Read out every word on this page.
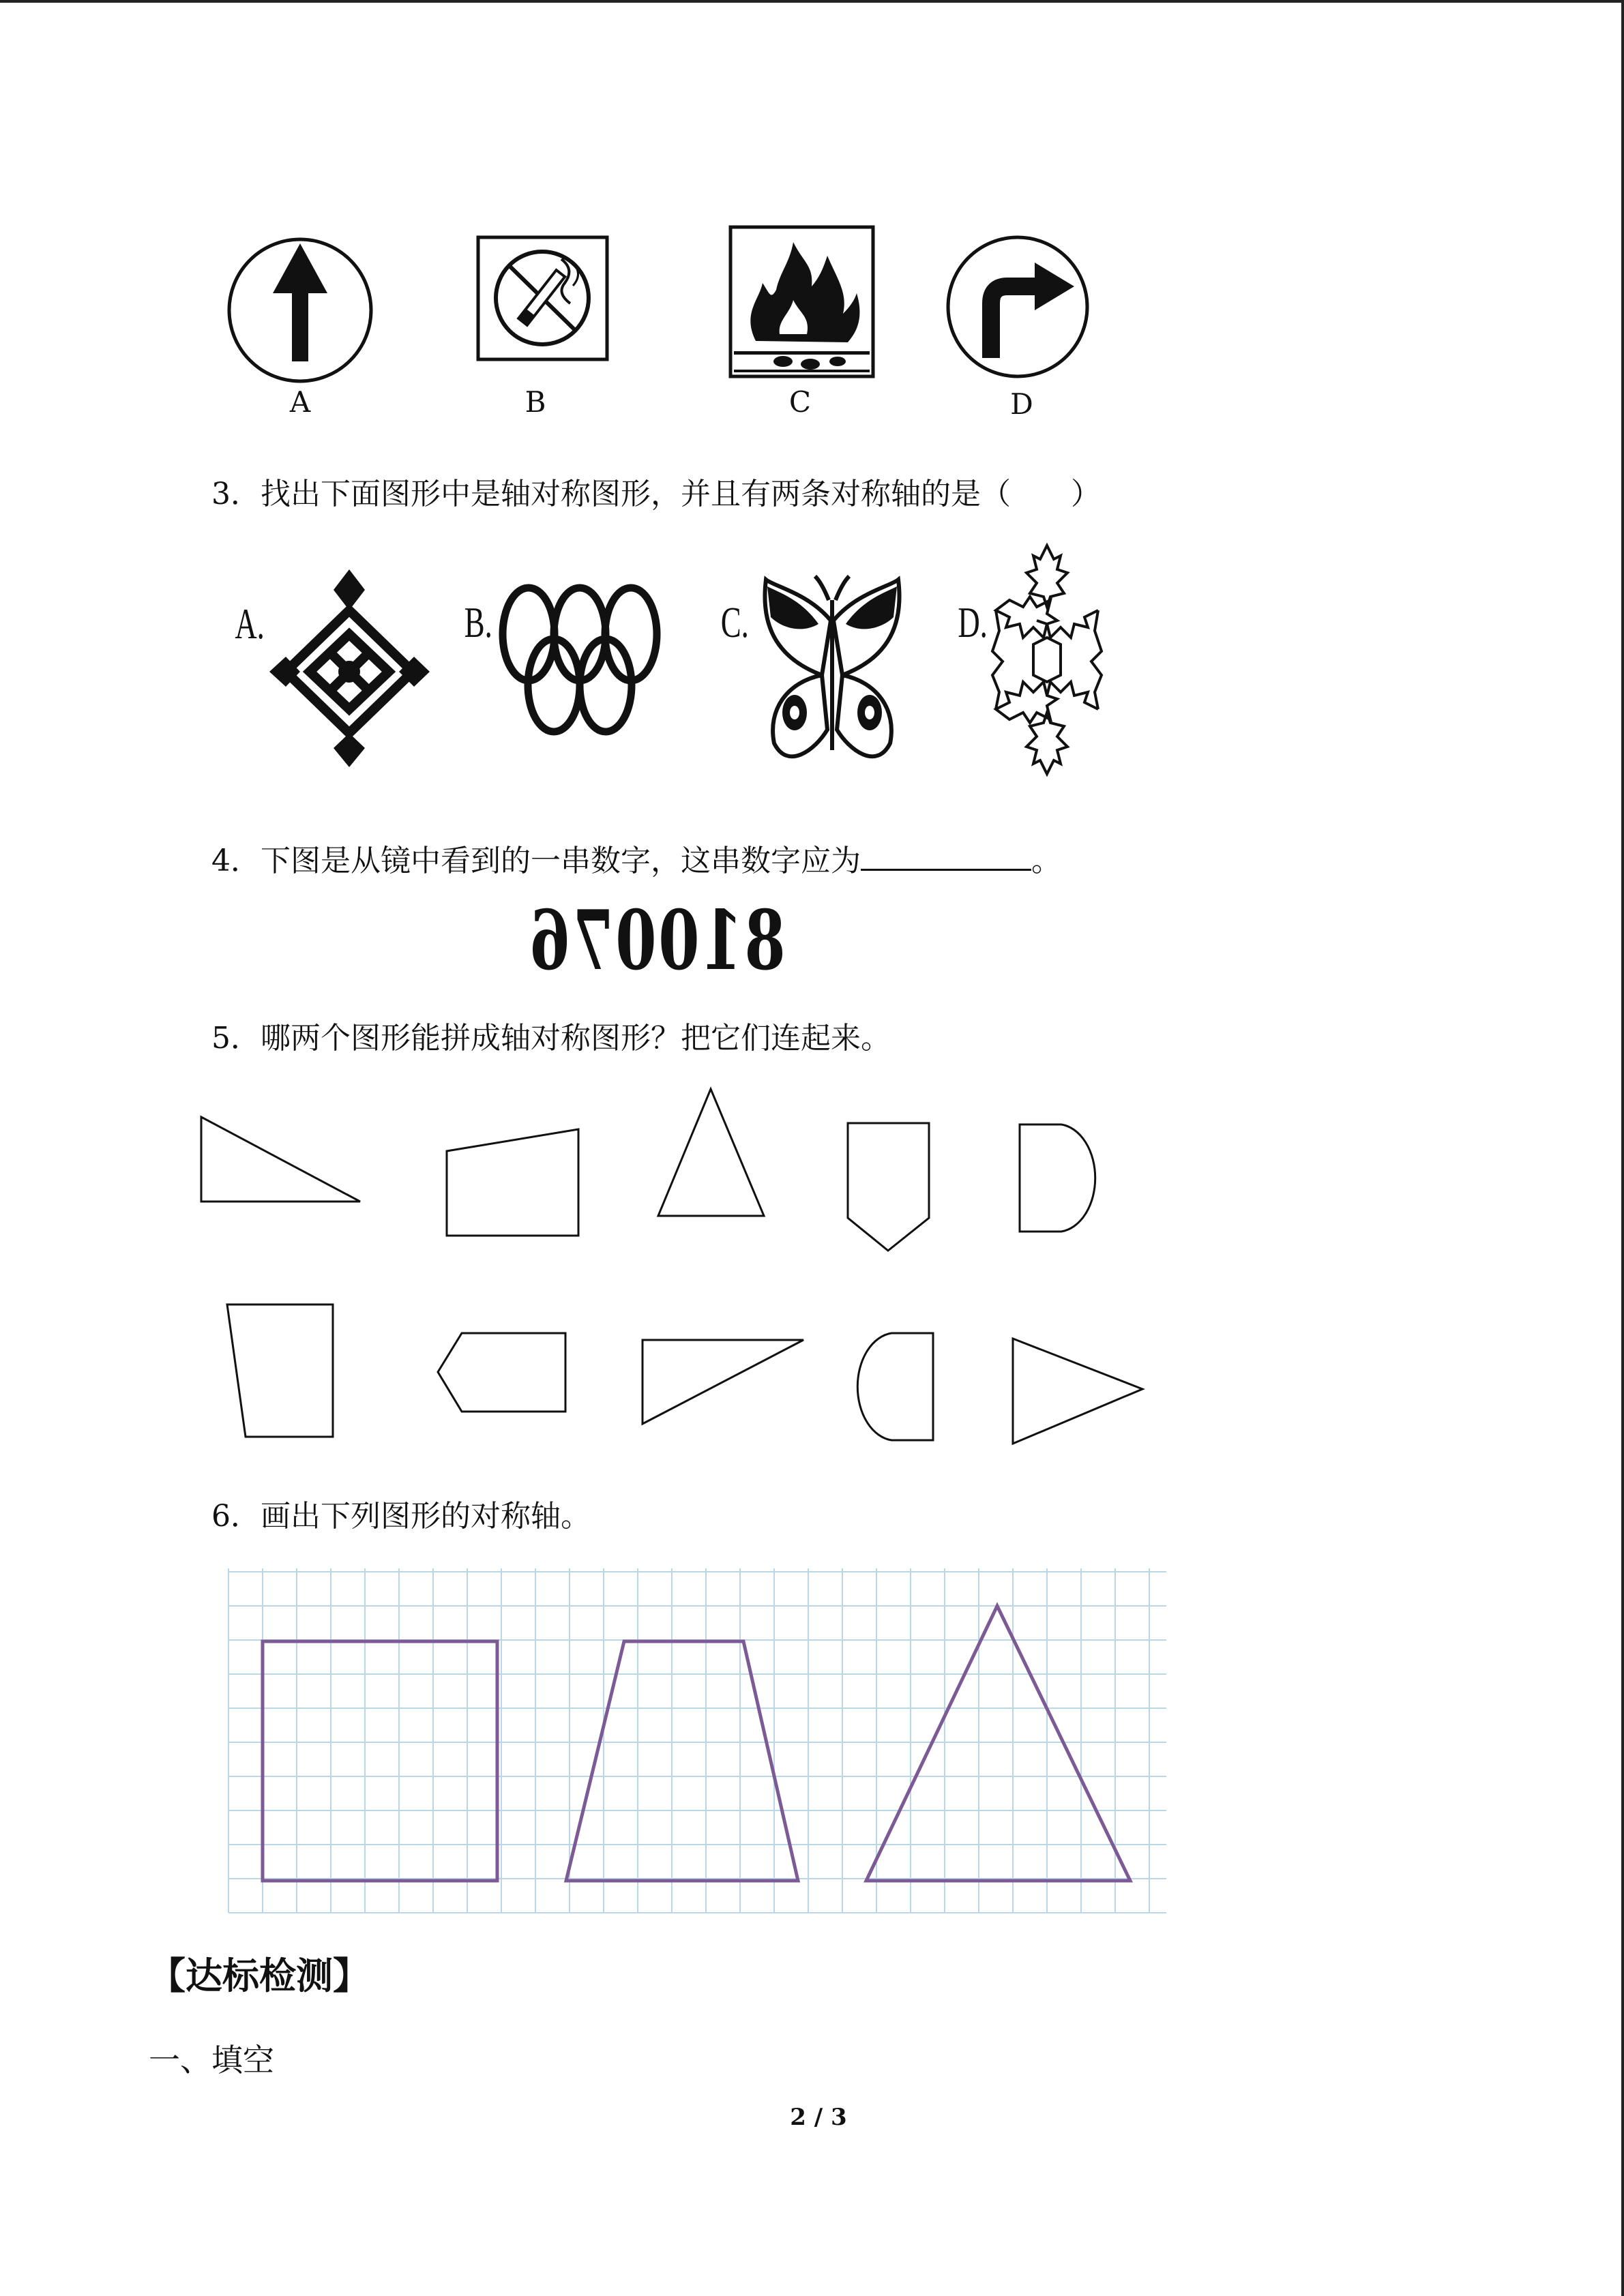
A	B	C	D
3．找出下面图形中是轴对称图形，并且有两条对称轴的是（　　）
A.	B.	C.	D.
4．下图是从镜中看到的一串数字，这串数字应为	。
810076
5．哪两个图形能拼成轴对称图形？把它们连起来。
6．画出下列图形的对称轴。
【达标检测】
一、填空
2 / 3
